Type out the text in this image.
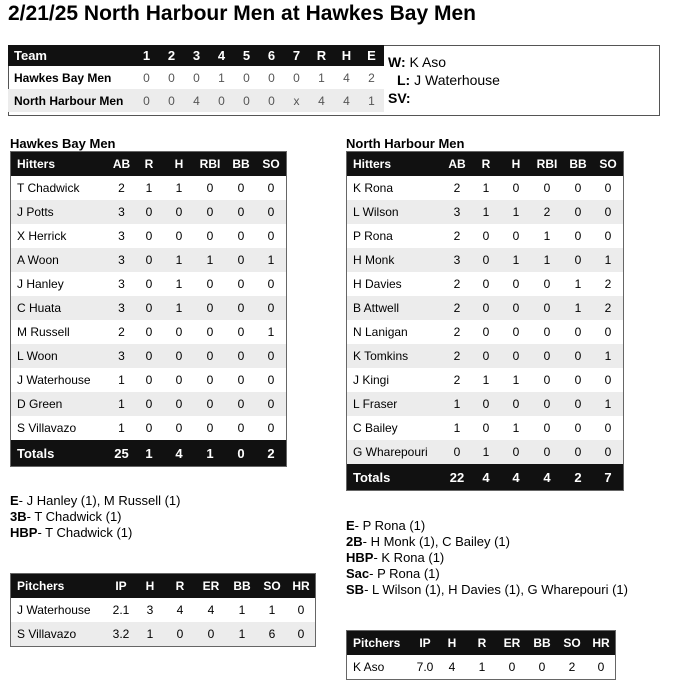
2/21/25 North Harbour Men at Hawkes Bay Men
Team	1	2	3	4	5	6	7	R	H	E
Hawkes Bay Men	0	0	0	1	0	0	0	1	4	2
North Harbour Men	0	0	4	0	0	0	x	4	4	1
W: K Aso
L: J Waterhouse
SV:
Hawkes Bay Men
Hitters	AB	R	H	RBI	BB	SO
T Chadwick	2	1	1	0	0	0
J Potts	3	0	0	0	0	0
X Herrick	3	0	0	0	0	0
A Woon	3	0	1	1	0	1
J Hanley	3	0	1	0	0	0
C Huata	3	0	1	0	0	0
M Russell	2	0	0	0	0	1
L Woon	3	0	0	0	0	0
J Waterhouse	1	0	0	0	0	0
D Green	1	0	0	0	0	0
S Villavazo	1	0	0	0	0	0
Totals	25	1	4	1	0	2
E- J Hanley (1), M Russell (1)
3B- T Chadwick (1)
HBP- T Chadwick (1)
Pitchers	IP	H	R	ER	BB	SO	HR
J Waterhouse	2.1	3	4	4	1	1	0
S Villavazo	3.2	1	0	0	1	6	0
North Harbour Men
Hitters	AB	R	H	RBI	BB	SO
K Rona	2	1	0	0	0	0
L Wilson	3	1	1	2	0	0
P Rona	2	0	0	1	0	0
H Monk	3	0	1	1	0	1
H Davies	2	0	0	0	1	2
B Attwell	2	0	0	0	1	2
N Lanigan	2	0	0	0	0	0
K Tomkins	2	0	0	0	0	1
J Kingi	2	1	1	0	0	0
L Fraser	1	0	0	0	0	1
C Bailey	1	0	1	0	0	0
G Wharepouri	0	1	0	0	0	0
Totals	22	4	4	4	2	7
E- P Rona (1)
2B- H Monk (1), C Bailey (1)
HBP- K Rona (1)
Sac- P Rona (1)
SB- L Wilson (1), H Davies (1), G Wharepouri (1)
Pitchers	IP	H	R	ER	BB	SO	HR
K Aso	7.0	4	1	0	0	2	0
